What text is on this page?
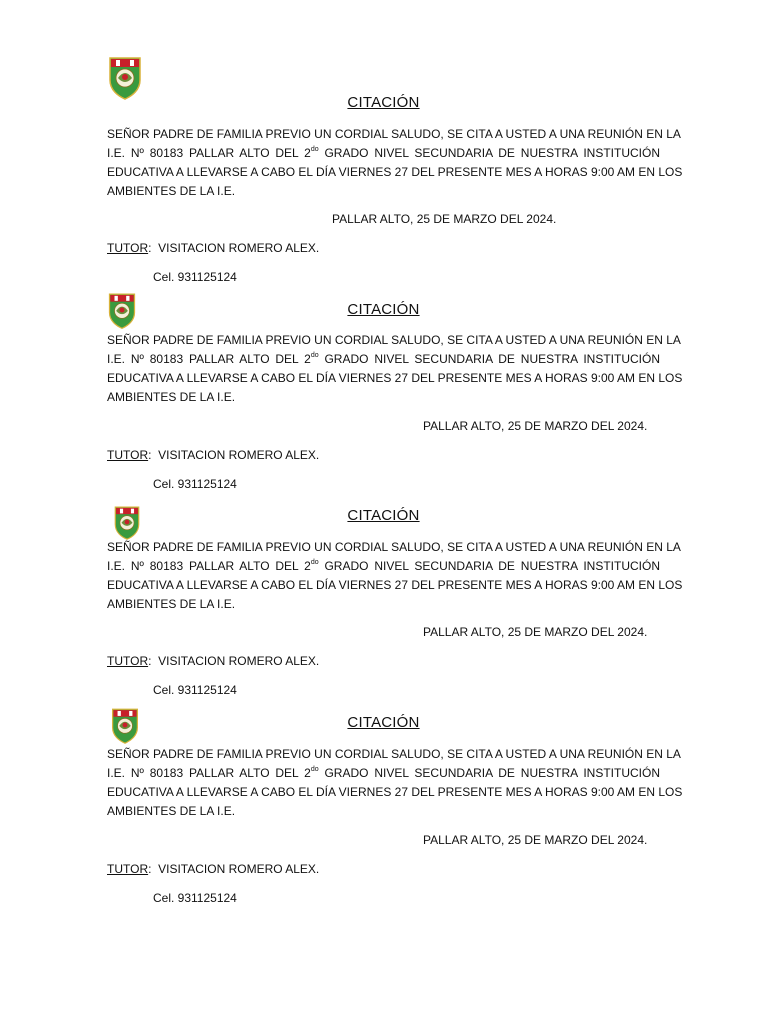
CITACIÓN
SEÑOR PADRE DE FAMILIA PREVIO UN CORDIAL SALUDO, SE CITA A USTED A UNA REUNIÓN EN LA
I.E. Nº 80183 PALLAR ALTO DEL $2^{do}$ GRADO NIVEL SECUNDARIA DE NUESTRA INSTITUCIÓN
EDUCATIVA A LLEVARSE A CABO EL DÍA VIERNES 27 DEL PRESENTE MES A HORAS 9:00 AM EN LOS
AMBIENTES DE LA I.E.
PALLAR ALTO, 25 DE MARZO DEL 2024.
TUTOR: VISITACION ROMERO ALEX.
Cel. 931125124
CITACIÓN
SEÑOR PADRE DE FAMILIA PREVIO UN CORDIAL SALUDO, SE CITA A USTED A UNA REUNIÓN EN LA
I.E. Nº 80183 PALLAR ALTO DEL $2^{do}$ GRADO NIVEL SECUNDARIA DE NUESTRA INSTITUCIÓN
EDUCATIVA A LLEVARSE A CABO EL DÍA VIERNES 27 DEL PRESENTE MES A HORAS 9:00 AM EN LOS
AMBIENTES DE LA I.E.
PALLAR ALTO, 25 DE MARZO DEL 2024.
TUTOR: VISITACION ROMERO ALEX.
Cel. 931125124
CITACIÓN
SEÑOR PADRE DE FAMILIA PREVIO UN CORDIAL SALUDO, SE CITA A USTED A UNA REUNIÓN EN LA
I.E. Nº 80183 PALLAR ALTO DEL $2^{do}$ GRADO NIVEL SECUNDARIA DE NUESTRA INSTITUCIÓN
EDUCATIVA A LLEVARSE A CABO EL DÍA VIERNES 27 DEL PRESENTE MES A HORAS 9:00 AM EN LOS
AMBIENTES DE LA I.E.
PALLAR ALTO, 25 DE MARZO DEL 2024.
TUTOR: VISITACION ROMERO ALEX.
Cel. 931125124
CITACIÓN
SEÑOR PADRE DE FAMILIA PREVIO UN CORDIAL SALUDO, SE CITA A USTED A UNA REUNIÓN EN LA
I.E. Nº 80183 PALLAR ALTO DEL $2^{do}$ GRADO NIVEL SECUNDARIA DE NUESTRA INSTITUCIÓN
EDUCATIVA A LLEVARSE A CABO EL DÍA VIERNES 27 DEL PRESENTE MES A HORAS 9:00 AM EN LOS
AMBIENTES DE LA I.E.
PALLAR ALTO, 25 DE MARZO DEL 2024.
TUTOR: VISITACION ROMERO ALEX.
Cel. 931125124
